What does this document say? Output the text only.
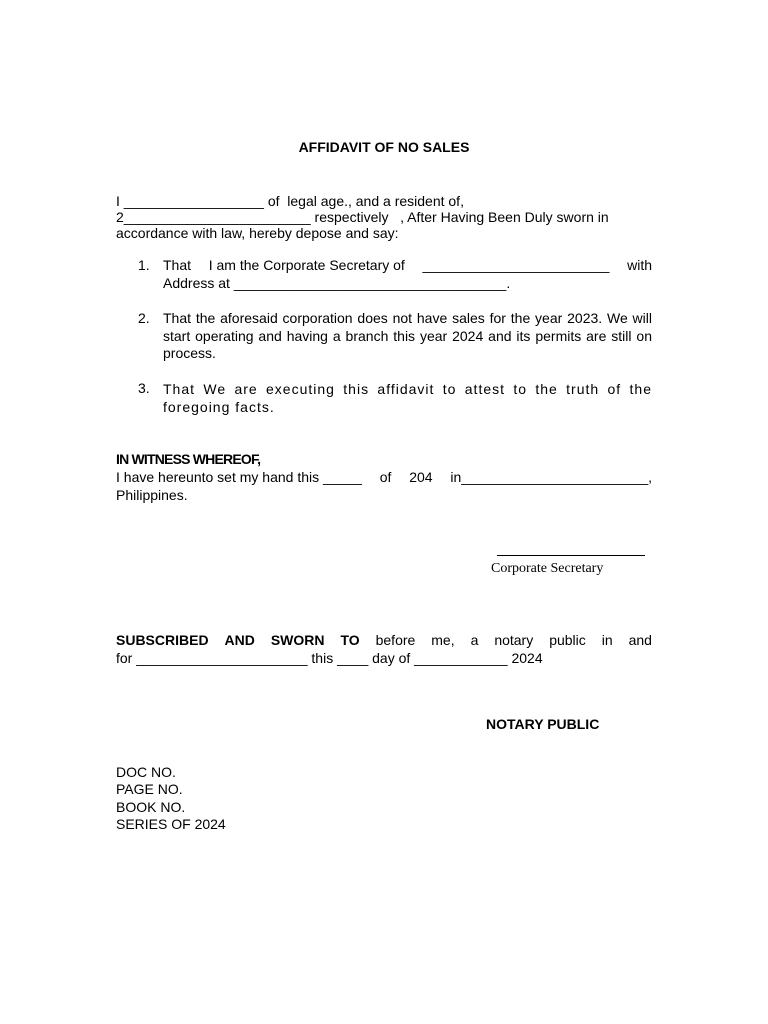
AFFIDAVIT OF NO SALES
I __________________ of  legal age., and a resident of,
2________________________ respectively   , After Having Been Duly sworn in
accordance with law, hereby depose and say:
1. That I am the Corporate Secretary of ________________________ with
Address at ___________________________________.
2. That the aforesaid corporation does not have sales for the year 2023. We will start operating and having a branch this year 2024 and its permits are still on process.
3. That We are executing this affidavit to attest to the truth of the foregoing facts.
IN WITNESS WHEREOF,
I have hereunto set my hand this _____ of 204 in________________________,
Philippines.
Corporate Secretary
SUBSCRIBED AND SWORN TO before me, a notary public in and
for ______________________ this ____ day of ____________ 2024
NOTARY PUBLIC
DOC NO.
PAGE NO.
BOOK NO.
SERIES OF 2024
